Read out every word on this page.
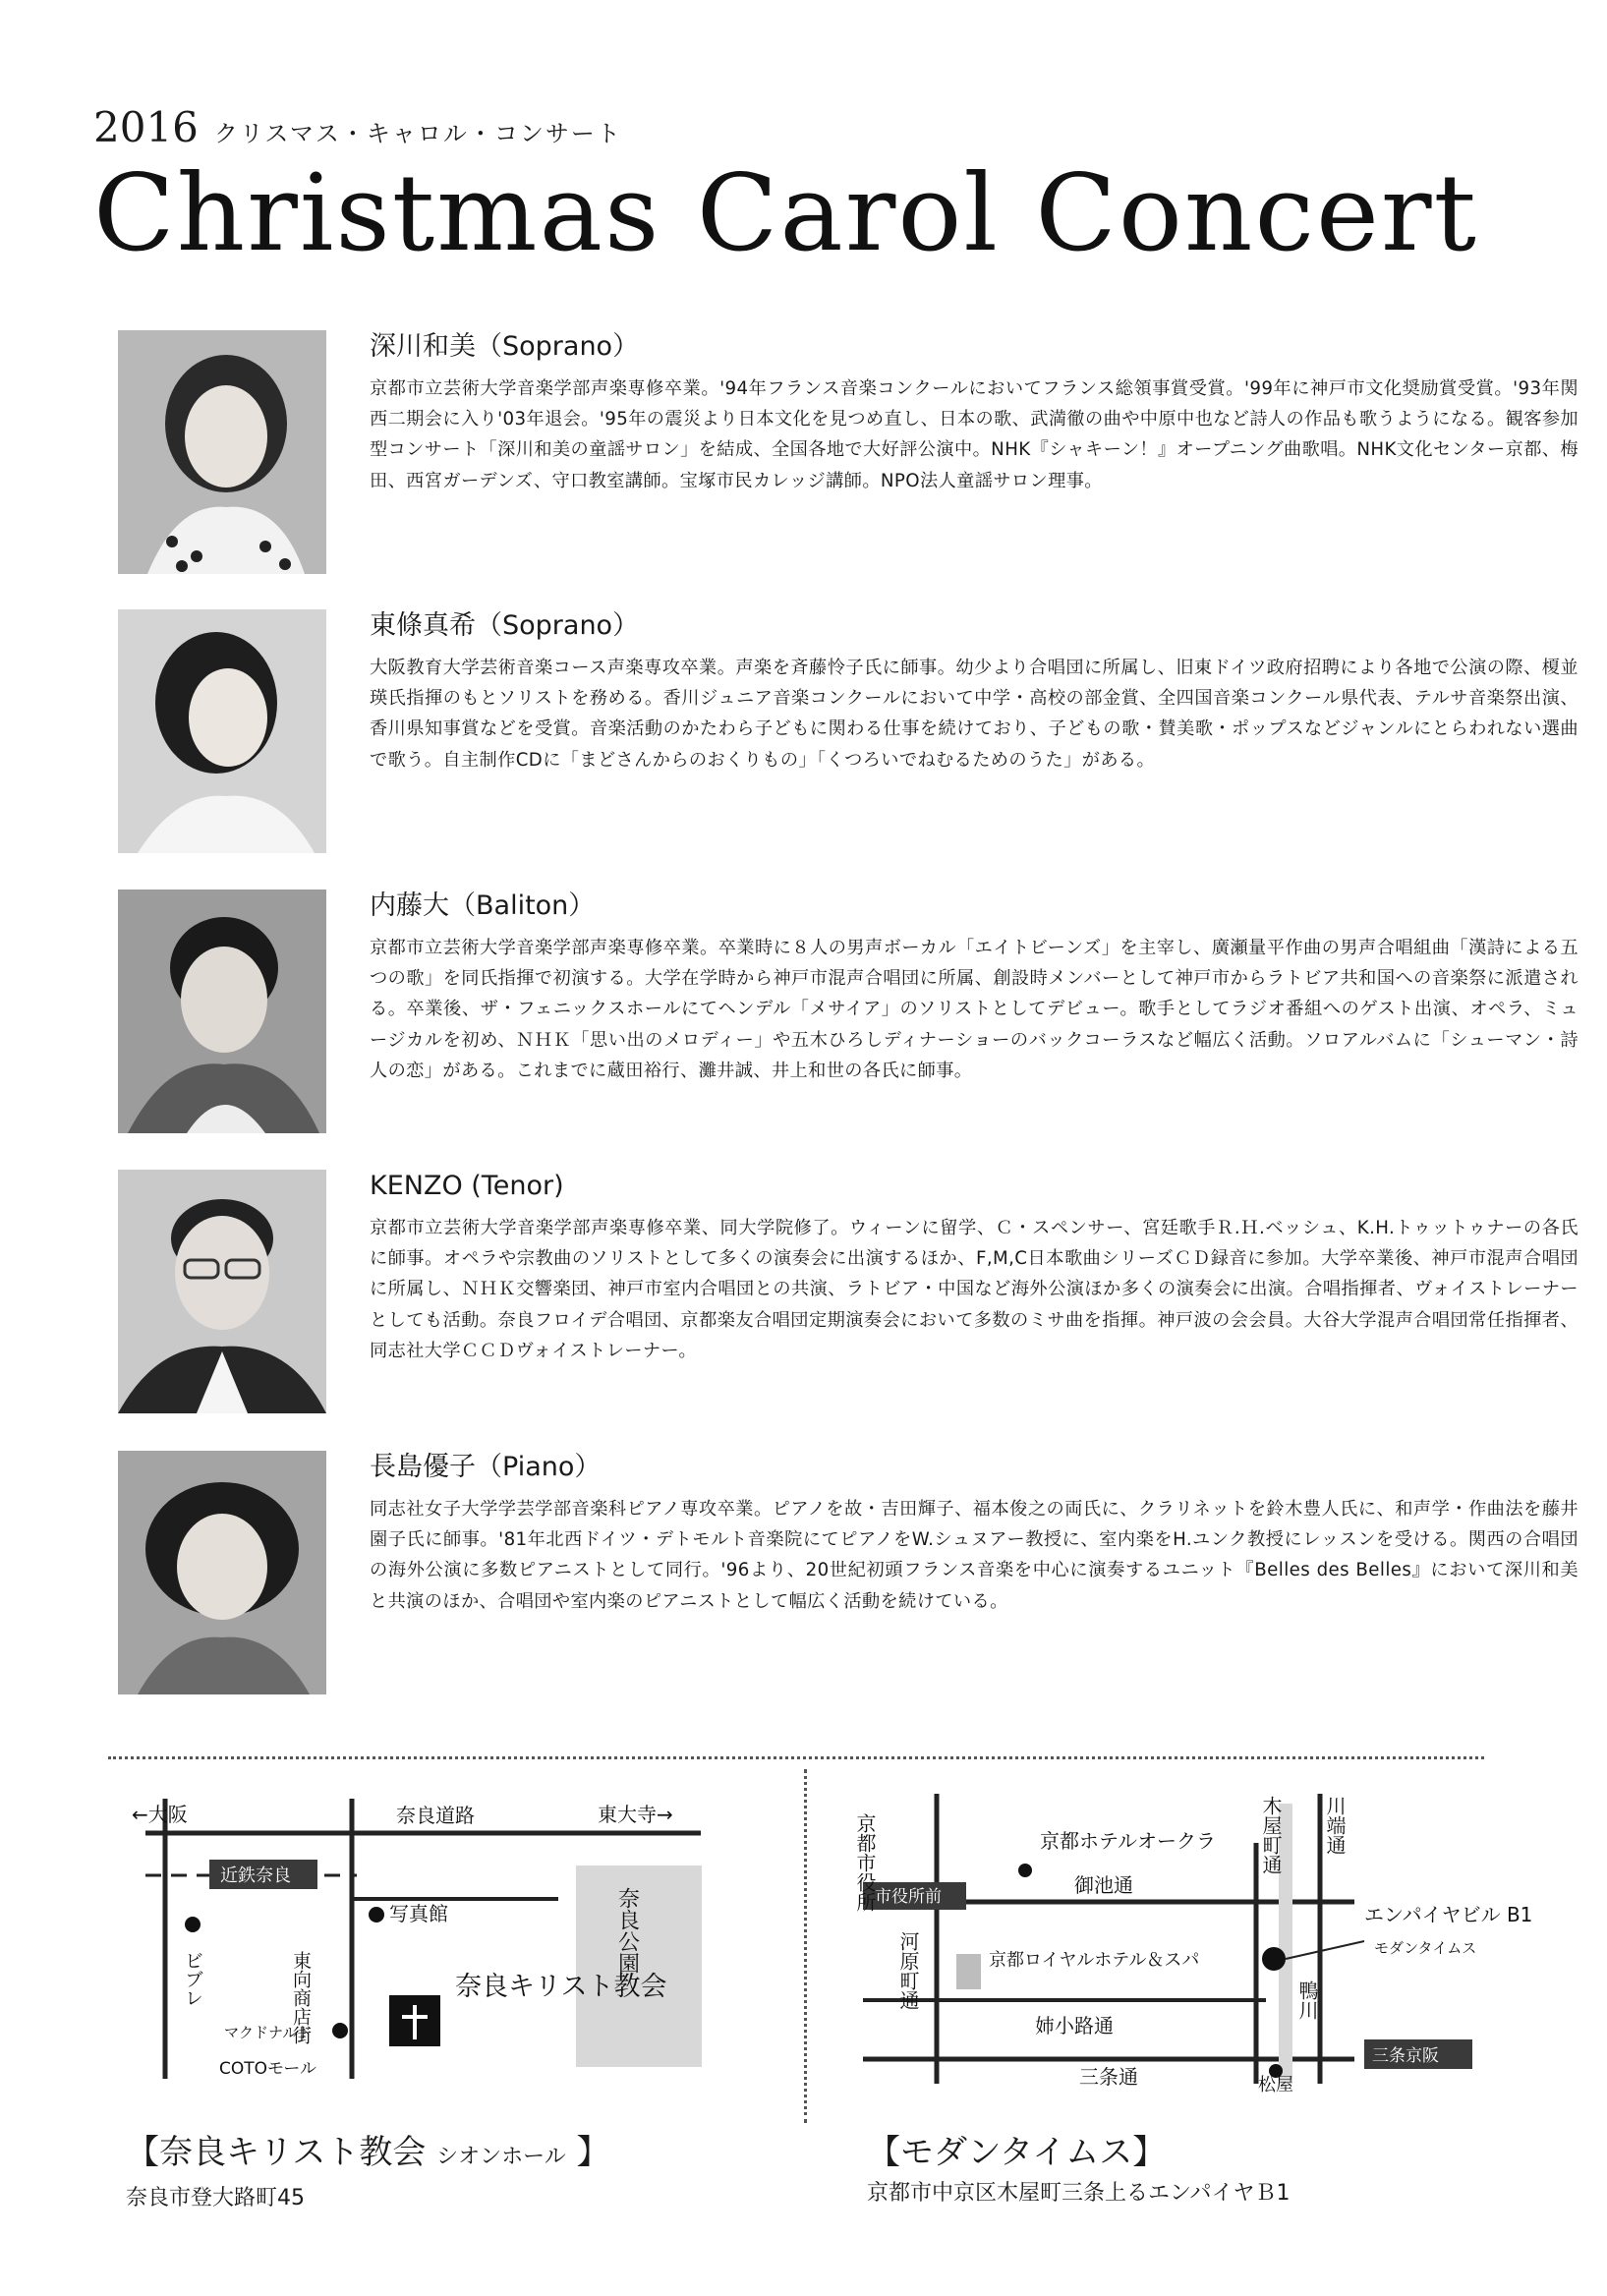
2016 クリスマス・キャロル・コンサート
Christmas Carol Concert
深川和美（Soprano）
京都市立芸術大学音楽学部声楽専修卒業。'94年フランス音楽コンクールにおいてフランス総領事賞受賞。'99年に神戸市文化奨励賞受賞。'93年関西二期会に入り'03年退会。'95年の震災より日本文化を見つめ直し、日本の歌、武満徹の曲や中原中也など詩人の作品も歌うようになる。観客参加型コンサート「深川和美の童謡サロン」を結成、全国各地で大好評公演中。NHK『シャキーン！』オープニング曲歌唱。NHK文化センター京都、梅田、西宮ガーデンズ、守口教室講師。宝塚市民カレッジ講師。NPO法人童謡サロン理事。
東條真希（Soprano）
大阪教育大学芸術音楽コース声楽専攻卒業。声楽を斉藤怜子氏に師事。幼少より合唱団に所属し、旧東ドイツ政府招聘により各地で公演の際、榎並瑛氏指揮のもとソリストを務める。香川ジュニア音楽コンクールにおいて中学・高校の部金賞、全四国音楽コンクール県代表、テルサ音楽祭出演、香川県知事賞などを受賞。音楽活動のかたわら子どもに関わる仕事を続けており、子どもの歌・賛美歌・ポップスなどジャンルにとらわれない選曲で歌う。自主制作CDに「まどさんからのおくりもの」「くつろいでねむるためのうた」がある。
内藤大（Baliton）
京都市立芸術大学音楽学部声楽専修卒業。卒業時に８人の男声ボーカル「エイトビーンズ」を主宰し、廣瀬量平作曲の男声合唱組曲「漢詩による五つの歌」を同氏指揮で初演する。大学在学時から神戸市混声合唱団に所属、創設時メンバーとして神戸市からラトビア共和国への音楽祭に派遣される。卒業後、ザ・フェニックスホールにてヘンデル「メサイア」のソリストとしてデビュー。歌手としてラジオ番組へのゲスト出演、オペラ、ミュージカルを初め、ＮＨＫ「思い出のメロディー」や五木ひろしディナーショーのバックコーラスなど幅広く活動。ソロアルバムに「シューマン・詩人の恋」がある。これまでに蔵田裕行、灘井誠、井上和世の各氏に師事。
KENZO (Tenor)
京都市立芸術大学音楽学部声楽専修卒業、同大学院修了。ウィーンに留学、Ｃ・スペンサー、宮廷歌手Ｒ.Ｈ.ベッシュ、K.H.トゥットゥナーの各氏に師事。オペラや宗教曲のソリストとして多くの演奏会に出演するほか、F,M,C日本歌曲シリーズＣＤ録音に参加。大学卒業後、神戸市混声合唱団に所属し、ＮＨＫ交響楽団、神戸市室内合唱団との共演、ラトビア・中国など海外公演ほか多くの演奏会に出演。合唱指揮者、ヴォイストレーナーとしても活動。奈良フロイデ合唱団、京都楽友合唱団定期演奏会において多数のミサ曲を指揮。神戸波の会会員。大谷大学混声合唱団常任指揮者、同志社大学ＣＣＤヴォイストレーナー。
長島優子（Piano）
同志社女子大学学芸学部音楽科ピアノ専攻卒業。ピアノを故・吉田輝子、福本俊之の両氏に、クラリネットを鈴木豊人氏に、和声学・作曲法を藤井園子氏に師事。'81年北西ドイツ・デトモルト音楽院にてピアノをW.シュヌアー教授に、室内楽をH.ユンク教授にレッスンを受ける。関西の合唱団の海外公演に多数ピアニストとして同行。'96より、20世紀初頭フランス音楽を中心に演奏するユニット『Belles des Belles』において深川和美と共演のほか、合唱団や室内楽のピアニストとして幅広く活動を続けている。
←大阪	奈良道路	東大寺→
近鉄奈良
写真館
東向商店街
ビブレ
奈良公園
奈良キリスト教会
マクドナルド
COTOモール
京都市役所	京都ホテルオークラ 木屋町通 川端通
市役所前	御池通
河原町通	京都ロイヤルホテル＆スパ
エンパイヤビル B1
モダンタイムス
鴨川
姉小路通
三条通
三条京阪
松屋
【奈良キリスト教会 シオンホール 】
奈良市登大路町45
【モダンタイムス】
京都市中京区木屋町三条上るエンパイヤＢ1
